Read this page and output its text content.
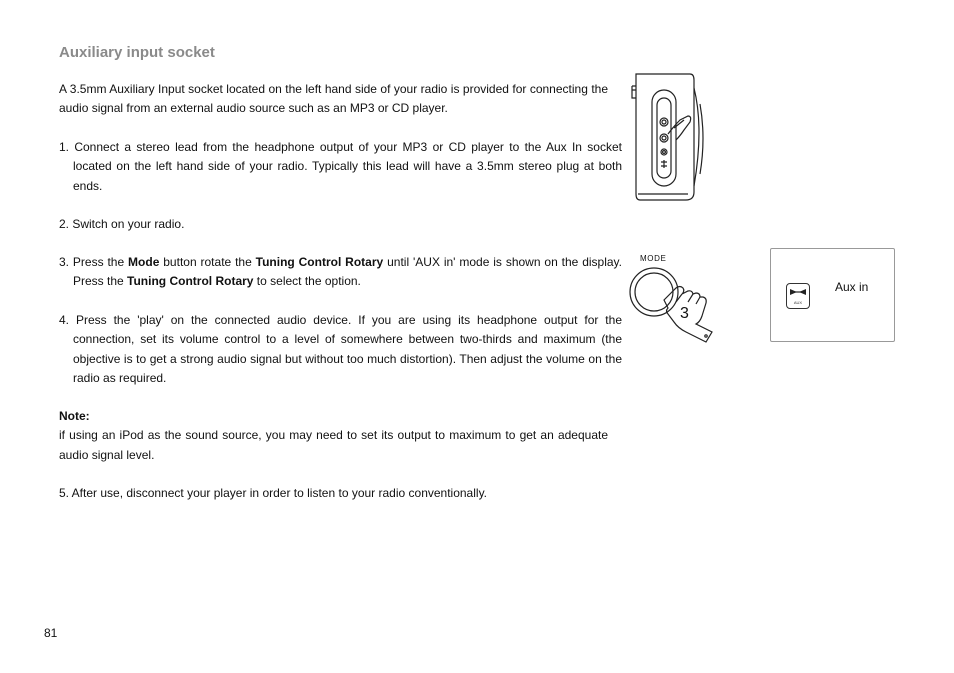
Auxiliary input socket
A 3.5mm Auxiliary Input socket located on the left hand side of your radio is provided for connecting the audio signal from an external audio source such as an MP3 or CD player.
1. Connect a stereo lead from the headphone output of your MP3 or CD player to the Aux In socket located on the left hand side of your radio. Typically this lead will have a 3.5mm stereo plug at both ends.
2. Switch on your radio.
3. Press the Mode button rotate the Tuning Control Rotary until 'AUX in' mode is shown on the display. Press the Tuning Control Rotary to select the option.
4. Press the 'play' on the connected audio device. If you are using its headphone output for the connection, set its volume control to a level of somewhere between two-thirds and maximum (the objective is to get a strong audio signal but without too much distortion). Then adjust the volume on the radio as required.
Note:
if using an iPod as the sound source, you may need to set its output to maximum to get an adequate audio signal level.
5. After use, disconnect your player in order to listen to your radio conventionally.
81
MODE
3
AUX
Aux in
